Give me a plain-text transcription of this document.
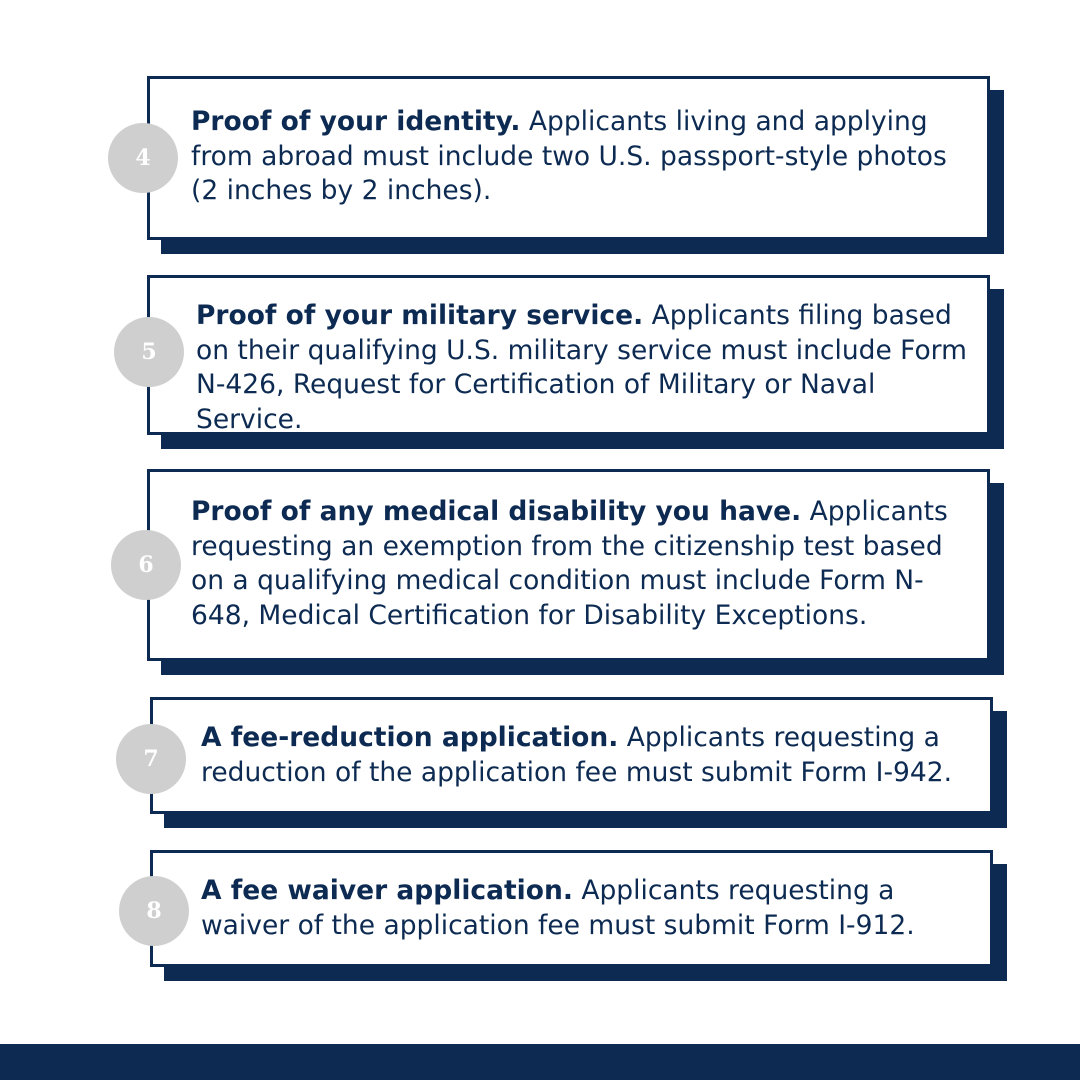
Proof of your identity. Applicants living and applying from abroad must include two U.S. passport-style photos (2 inches by 2 inches).

4

Proof of your military service. Applicants filing based on their qualifying U.S. military service must include Form N-426, Request for Certification of Military or Naval Service.

5

Proof of any medical disability you have. Applicants requesting an exemption from the citizenship test based on a qualifying medical condition must include Form N-648, Medical Certification for Disability Exceptions.

6

A fee-reduction application. Applicants requesting a reduction of the application fee must submit Form I-942.

7

A fee waiver application. Applicants requesting a waiver of the application fee must submit Form I-912.

8
